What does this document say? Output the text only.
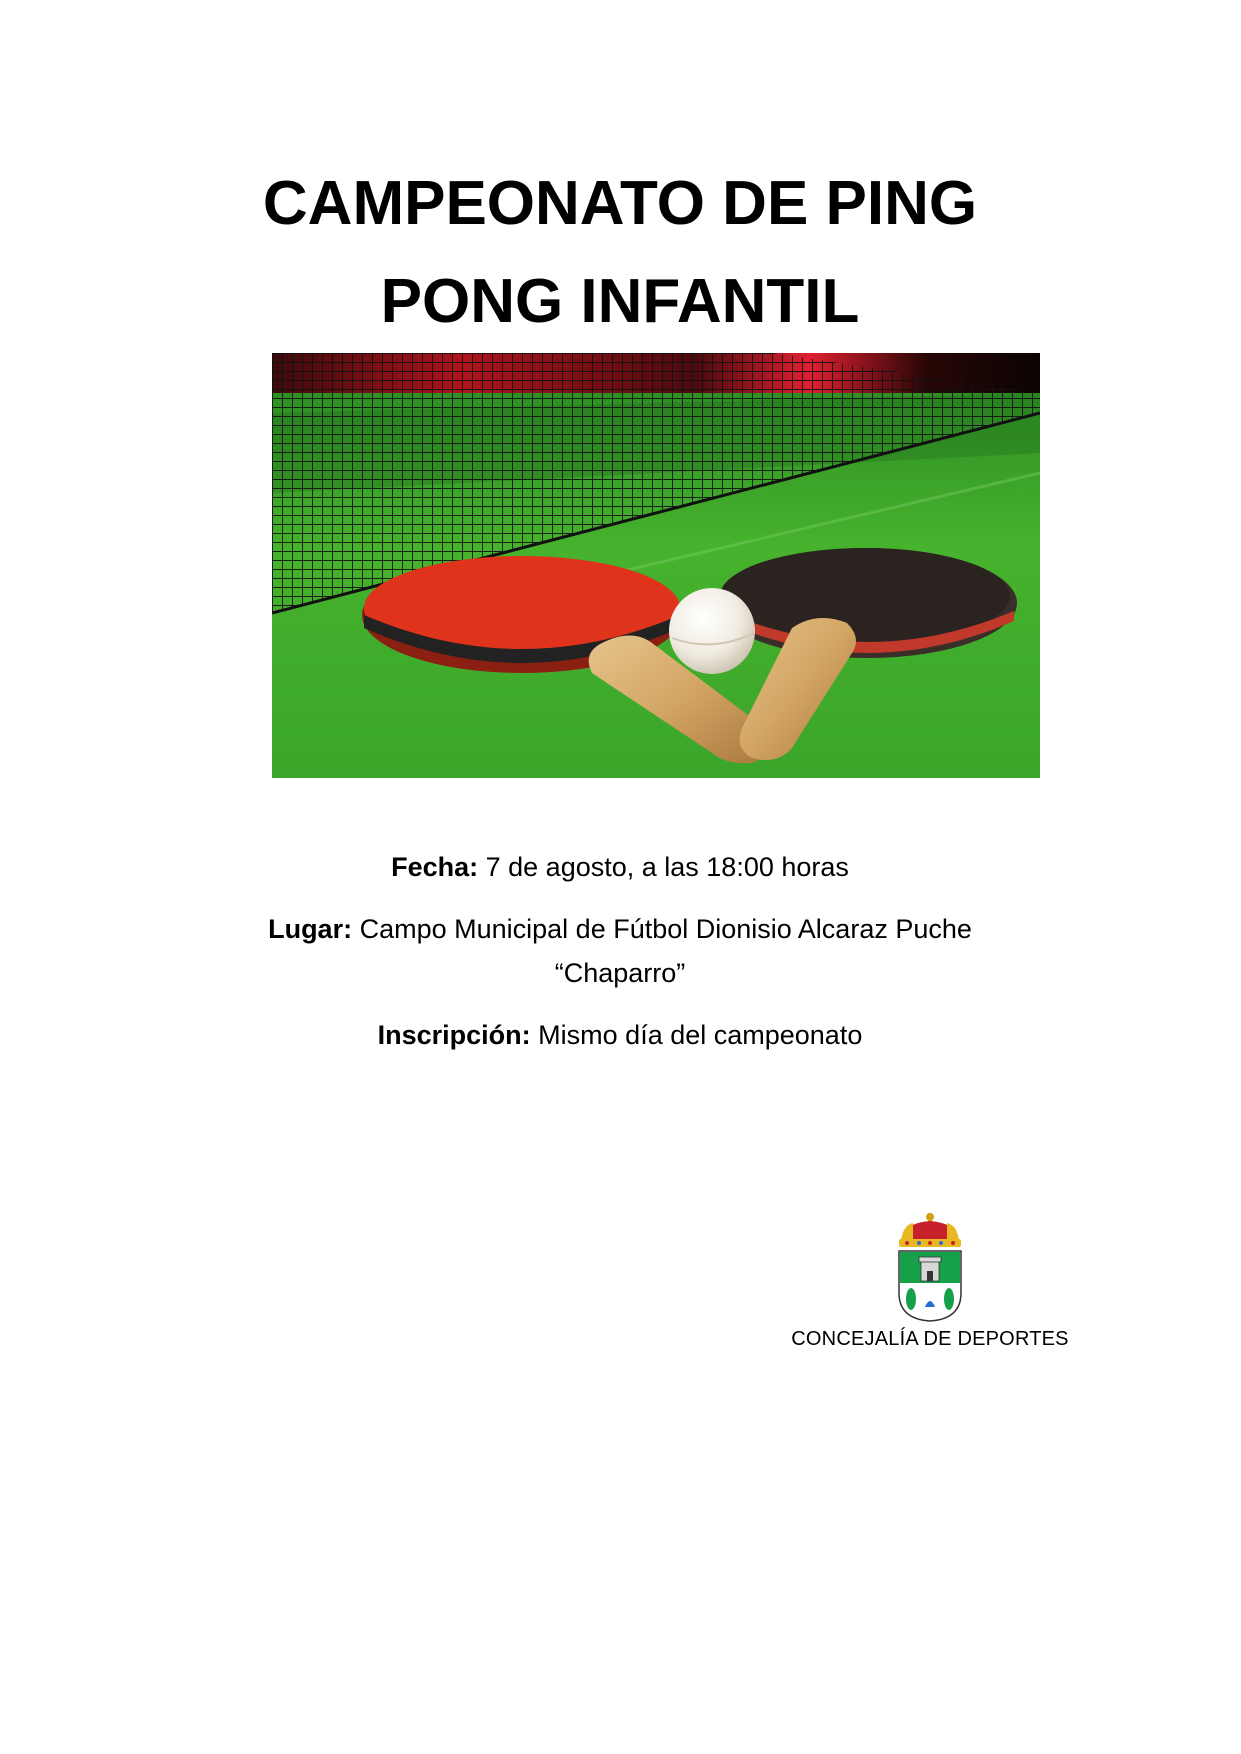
CAMPEONATO DE PING
PONG INFANTIL

Fecha: 7 de agosto, a las 18:00 horas

Lugar: Campo Municipal de Fútbol Dionisio Alcaraz Puche

“Chaparro”

Inscripción: Mismo día del campeonato

CONCEJALÍA DE DEPORTES
